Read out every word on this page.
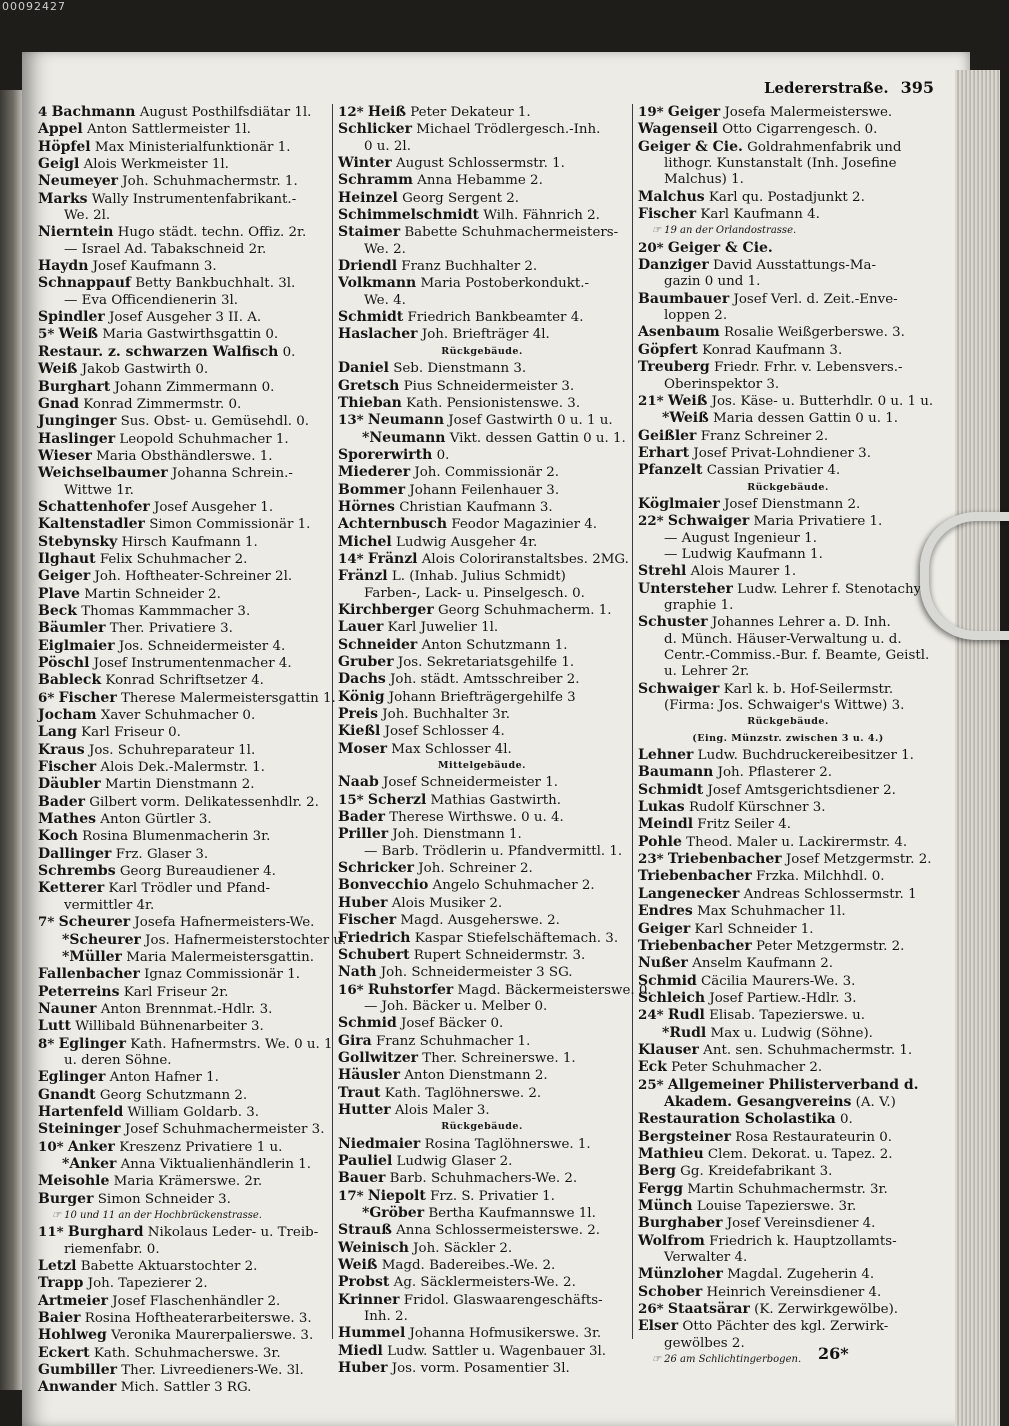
00092427
Ledererstraße. 395
4 Bachmann August Posthilfsdiätar 1l.
Appel Anton Sattlermeister 1l.
Höpfel Max Ministerialfunktionär 1.
Geigl Alois Werkmeister 1l.
Neumeyer Joh. Schuhmachermstr. 1.
Marks Wally Instrumentenfabrikant.-
We. 2l.
Nierntein Hugo städt. techn. Offiz. 2r.
— Israel Ad. Tabakschneid 2r.
Haydn Josef Kaufmann 3.
Schnappauf Betty Bankbuchhalt. 3l.
— Eva Officendienerin 3l.
Spindler Josef Ausgeher 3 II. A.
5* Weiß Maria Gastwirthsgattin 0.
Restaur. z. schwarzen Walfisch 0.
Weiß Jakob Gastwirth 0.
Burghart Johann Zimmermann 0.
Gnad Konrad Zimmermstr. 0.
Junginger Sus. Obst- u. Gemüsehdl. 0.
Haslinger Leopold Schuhmacher 1.
Wieser Maria Obsthändlerswe. 1.
Weichselbaumer Johanna Schrein.-
Wittwe 1r.
Schattenhofer Josef Ausgeher 1.
Kaltenstadler Simon Commissionär 1.
Stebynsky Hirsch Kaufmann 1.
Ilghaut Felix Schuhmacher 2.
Geiger Joh. Hoftheater-Schreiner 2l.
Plave Martin Schneider 2.
Beck Thomas Kammmacher 3.
Bäumler Ther. Privatiere 3.
Eiglmaier Jos. Schneidermeister 4.
Pöschl Josef Instrumentenmacher 4.
Bableck Konrad Schriftsetzer 4.
6* Fischer Therese Malermeistersgattin 1.
Jocham Xaver Schuhmacher 0.
Lang Karl Friseur 0.
Kraus Jos. Schuhreparateur 1l.
Fischer Alois Dek.-Malermstr. 1.
Däubler Martin Dienstmann 2.
Bader Gilbert vorm. Delikatessenhdlr. 2.
Mathes Anton Gürtler 3.
Koch Rosina Blumenmacherin 3r.
Dallinger Frz. Glaser 3.
Schrembs Georg Bureaudiener 4.
Ketterer Karl Trödler und Pfand-
vermittler 4r.
7* Scheurer Josefa Hafnermeisters-We.
*Scheurer Jos. Hafnermeisterstochter u.
*Müller Maria Malermeistersgattin.
Fallenbacher Ignaz Commissionär 1.
Peterreins Karl Friseur 2r.
Nauner Anton Brennmat.-Hdlr. 3.
Lutt Willibald Bühnenarbeiter 3.
8* Eglinger Kath. Hafnermstrs. We. 0 u. 1
u. deren Söhne.
Eglinger Anton Hafner 1.
Gnandt Georg Schutzmann 2.
Hartenfeld William Goldarb. 3.
Steininger Josef Schuhmachermeister 3.
10* Anker Kreszenz Privatiere 1 u.
*Anker Anna Viktualienhändlerin 1.
Meisohle Maria Krämerswe. 2r.
Burger Simon Schneider 3.
☞ 10 und 11 an der Hochbrückenstrasse.
11* Burghard Nikolaus Leder- u. Treib-
riemenfabr. 0.
Letzl Babette Aktuarstochter 2.
Trapp Joh. Tapezierer 2.
Artmeier Josef Flaschenhändler 2.
Baier Rosina Hoftheaterarbeiterswe. 3.
Hohlweg Veronika Maurerpalierswe. 3.
Eckert Kath. Schuhmacherswe. 3r.
Gumbiller Ther. Livreedieners-We. 3l.
Anwander Mich. Sattler 3 RG.
12* Heiß Peter Dekateur 1.
Schlicker Michael Trödlergesch.-Inh.
0 u. 2l.
Winter August Schlossermstr. 1.
Schramm Anna Hebamme 2.
Heinzel Georg Sergent 2.
Schimmelschmidt Wilh. Fähnrich 2.
Staimer Babette Schuhmachermeisters-
We. 2.
Driendl Franz Buchhalter 2.
Volkmann Maria Postoberkondukt.-
We. 4.
Schmidt Friedrich Bankbeamter 4.
Haslacher Joh. Briefträger 4l.
Rückgebäude.
Daniel Seb. Dienstmann 3.
Gretsch Pius Schneidermeister 3.
Thieban Kath. Pensionistenswe. 3.
13* Neumann Josef Gastwirth 0 u. 1 u.
*Neumann Vikt. dessen Gattin 0 u. 1.
Sporerwirth 0.
Miederer Joh. Commissionär 2.
Bommer Johann Feilenhauer 3.
Hörnes Christian Kaufmann 3.
Achternbusch Feodor Magazinier 4.
Michel Ludwig Ausgeher 4r.
14* Fränzl Alois Coloriranstaltsbes. 2MG.
Fränzl L. (Inhab. Julius Schmidt)
Farben-, Lack- u. Pinselgesch. 0.
Kirchberger Georg Schuhmacherm. 1.
Lauer Karl Juwelier 1l.
Schneider Anton Schutzmann 1.
Gruber Jos. Sekretariatsgehilfe 1.
Dachs Joh. städt. Amtsschreiber 2.
König Johann Briefträgergehilfe 3
Preis Joh. Buchhalter 3r.
Kießl Josef Schlosser 4.
Moser Max Schlosser 4l.
Mittelgebäude.
Naab Josef Schneidermeister 1.
15* Scherzl Mathias Gastwirth.
Bader Therese Wirthswe. 0 u. 4.
Priller Joh. Dienstmann 1.
— Barb. Trödlerin u. Pfandvermittl. 1.
Schricker Joh. Schreiner 2.
Bonvecchio Angelo Schuhmacher 2.
Huber Alois Musiker 2.
Fischer Magd. Ausgeherswe. 2.
Friedrich Kaspar Stiefelschäftemach. 3.
Schubert Rupert Schneidermstr. 3.
Nath Joh. Schneidermeister 3 SG.
16* Ruhstorfer Magd. Bäckermeisterswe. 0.
— Joh. Bäcker u. Melber 0.
Schmid Josef Bäcker 0.
Gira Franz Schuhmacher 1.
Gollwitzer Ther. Schreinerswe. 1.
Häusler Anton Dienstmann 2.
Traut Kath. Taglöhnerswe. 2.
Hutter Alois Maler 3.
Rückgebäude.
Niedmaier Rosina Taglöhnerswe. 1.
Pauliel Ludwig Glaser 2.
Bauer Barb. Schuhmachers-We. 2.
17* Niepolt Frz. S. Privatier 1.
*Gröber Bertha Kaufmannswe 1l.
Strauß Anna Schlossermeisterswe. 2.
Weinisch Joh. Säckler 2.
Weiß Magd. Badereibes.-We. 2.
Probst Ag. Säcklermeisters-We. 2.
Krinner Fridol. Glaswaarengeschäfts-
Inh. 2.
Hummel Johanna Hofmusikerswe. 3r.
Miedl Ludw. Sattler u. Wagenbauer 3l.
Huber Jos. vorm. Posamentier 3l.
19* Geiger Josefa Malermeisterswe.
Wagenseil Otto Cigarrengesch. 0.
Geiger & Cie. Goldrahmenfabrik und
lithogr. Kunstanstalt (Inh. Josefine
Malchus) 1.
Malchus Karl qu. Postadjunkt 2.
Fischer Karl Kaufmann 4.
☞ 19 an der Orlandostrasse.
20* Geiger & Cie.
Danziger David Ausstattungs-Ma-
gazin 0 und 1.
Baumbauer Josef Verl. d. Zeit.-Enve-
loppen 2.
Asenbaum Rosalie Weißgerberswe. 3.
Göpfert Konrad Kaufmann 3.
Treuberg Friedr. Frhr. v. Lebensvers.-
Oberinspektor 3.
21* Weiß Jos. Käse- u. Butterhdlr. 0 u. 1 u.
*Weiß Maria dessen Gattin 0 u. 1.
Geißler Franz Schreiner 2.
Erhart Josef Privat-Lohndiener 3.
Pfanzelt Cassian Privatier 4.
Rückgebäude.
Köglmaier Josef Dienstmann 2.
22* Schwaiger Maria Privatiere 1.
— August Ingenieur 1.
— Ludwig Kaufmann 1.
Strehl Alois Maurer 1.
Untersteher Ludw. Lehrer f. Stenotachy-
graphie 1.
Schuster Johannes Lehrer a. D. Inh.
d. Münch. Häuser-Verwaltung u. d.
Centr.-Commiss.-Bur. f. Beamte, Geistl.
u. Lehrer 2r.
Schwaiger Karl k. b. Hof-Seilermstr.
(Firma: Jos. Schwaiger's Wittwe) 3.
Rückgebäude.
(Eing. Münzstr. zwischen 3 u. 4.)
Lehner Ludw. Buchdruckereibesitzer 1.
Baumann Joh. Pflasterer 2.
Schmidt Josef Amtsgerichtsdiener 2.
Lukas Rudolf Kürschner 3.
Meindl Fritz Seiler 4.
Pohle Theod. Maler u. Lackirermstr. 4.
23* Triebenbacher Josef Metzgermstr. 2.
Triebenbacher Frzka. Milchhdl. 0.
Langenecker Andreas Schlossermstr. 1
Endres Max Schuhmacher 1l.
Geiger Karl Schneider 1.
Triebenbacher Peter Metzgermstr. 2.
Nußer Anselm Kaufmann 2.
Schmid Cäcilia Maurers-We. 3.
Schleich Josef Partiew.-Hdlr. 3.
24* Rudl Elisab. Tapezierswe. u.
*Rudl Max u. Ludwig (Söhne).
Klauser Ant. sen. Schuhmachermstr. 1.
Eck Peter Schuhmacher 2.
25* Allgemeiner Philisterverband d.
Akadem. Gesangvereins (A. V.)
Restauration Scholastika 0.
Bergsteiner Rosa Restaurateurin 0.
Mathieu Clem. Dekorat. u. Tapez. 2.
Berg Gg. Kreidefabrikant 3.
Fergg Martin Schuhmachermstr. 3r.
Münch Louise Tapezierswe. 3r.
Burghaber Josef Vereinsdiener 4.
Wolfrom Friedrich k. Hauptzollamts-
Verwalter 4.
Münzloher Magdal. Zugeherin 4.
Schober Heinrich Vereinsdiener 4.
26* Staatsärar (K. Zerwirkgewölbe).
Elser Otto Pächter des kgl. Zerwirk-
gewölbes 2.
☞ 26 am Schlichtingerbogen.	26*
